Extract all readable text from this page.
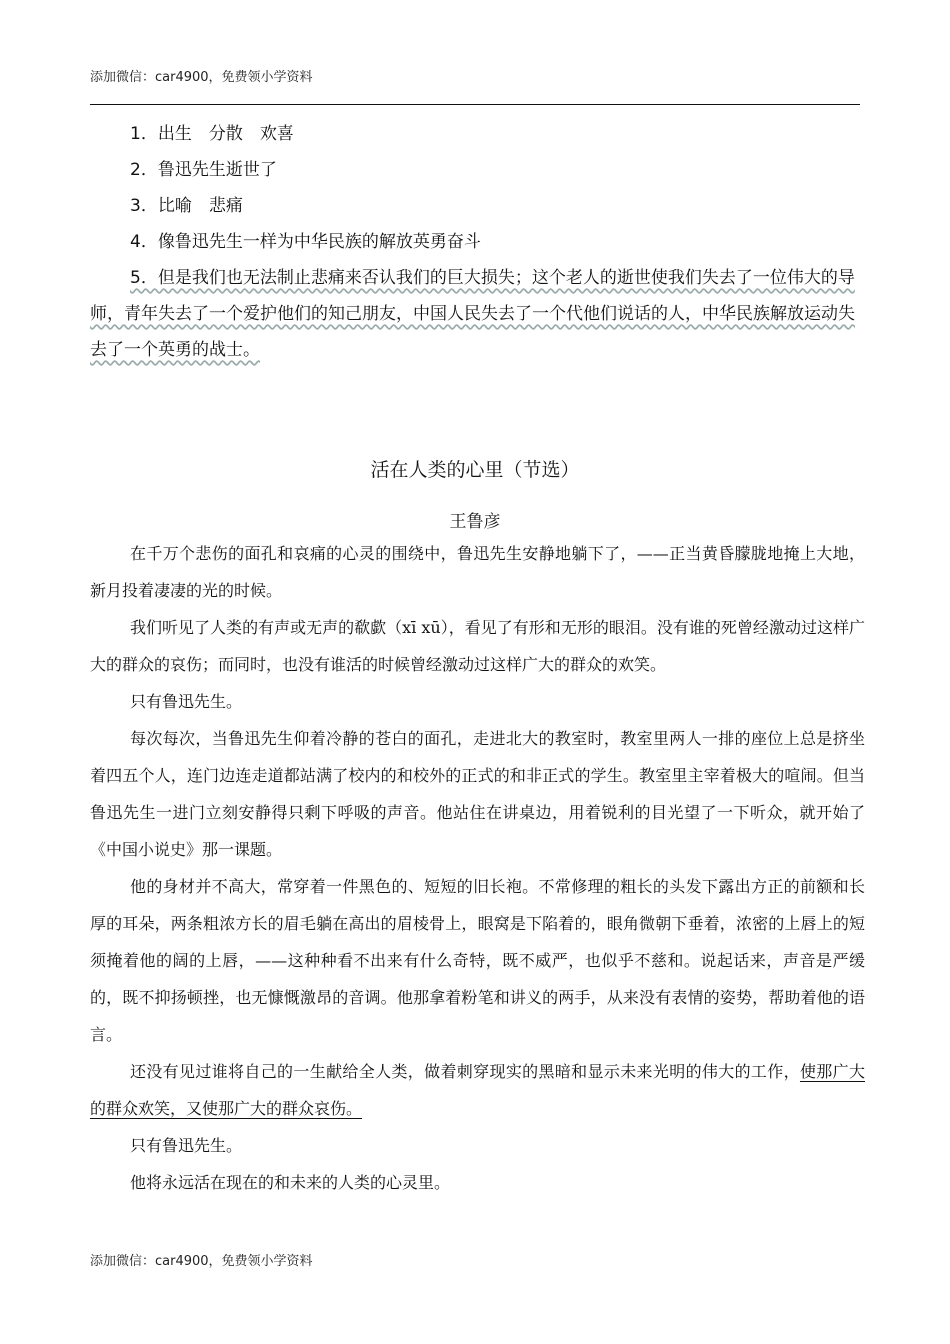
添加微信：car4900，免费领小学资料

1．出生　分散　欢喜

2．鲁迅先生逝世了

3．比喻　悲痛

4．像鲁迅先生一样为中华民族的解放英勇奋斗

5．但是我们也无法制止悲痛来否认我们的巨大损失；这个老人的逝世使我们失去了一位伟大的导师，青年失去了一个爱护他们的知己朋友，中国人民失去了一个代他们说话的人，中华民族解放运动失去了一个英勇的战士。

活在人类的心里（节选）
王鲁彦

在千万个悲伤的面孔和哀痛的心灵的围绕中，鲁迅先生安静地躺下了，——正当黄昏朦胧地掩上大地，新月投着凄凄的光的时候。

我们听见了人类的有声或无声的欷歔（xī xū），看见了有形和无形的眼泪。没有谁的死曾经激动过这样广大的群众的哀伤；而同时，也没有谁活的时候曾经激动过这样广大的群众的欢笑。

只有鲁迅先生。

每次每次，当鲁迅先生仰着冷静的苍白的面孔，走进北大的教室时，教室里两人一排的座位上总是挤坐着四五个人，连门边连走道都站满了校内的和校外的正式的和非正式的学生。教室里主宰着极大的喧闹。但当鲁迅先生一进门立刻安静得只剩下呼吸的声音。他站住在讲桌边，用着锐利的目光望了一下听众，就开始了《中国小说史》那一课题。

他的身材并不高大，常穿着一件黑色的、短短的旧长袍。不常修理的粗长的头发下露出方正的前额和长厚的耳朵，两条粗浓方长的眉毛躺在高出的眉棱骨上，眼窝是下陷着的，眼角微朝下垂着，浓密的上唇上的短须掩着他的阔的上唇，——这种种看不出来有什么奇特，既不威严，也似乎不慈和。说起话来，声音是严缓的，既不抑扬顿挫，也无慷慨激昂的音调。他那拿着粉笔和讲义的两手，从来没有表情的姿势，帮助着他的语言。

还没有见过谁将自己的一生献给全人类，做着刺穿现实的黑暗和显示未来光明的伟大的工作，使那广大的群众欢笑，又使那广大的群众哀伤。

只有鲁迅先生。

他将永远活在现在的和未来的人类的心灵里。

添加微信：car4900，免费领小学资料
